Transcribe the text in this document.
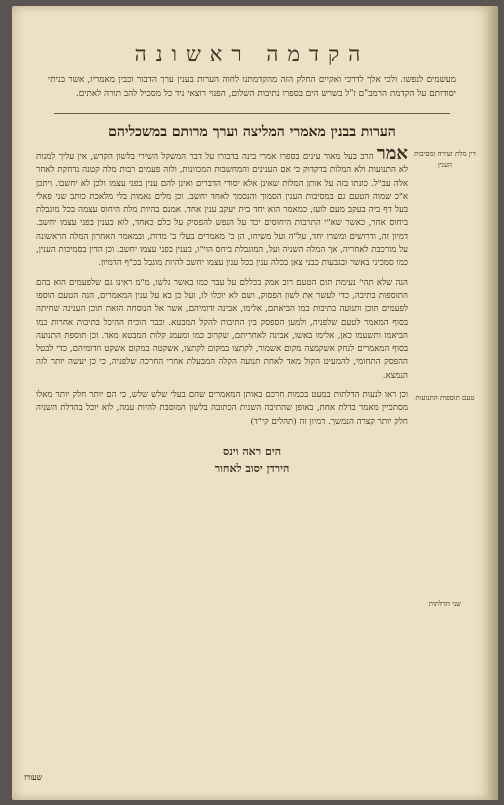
הקדמה ראשונה

מעשמים לנפשו. ולכי אלך לדרכי ואקיים החלק הזה מהקדמתנו לחוה הערות בענין ערך הדבור וכבין מאמריו, אשר בניתי יסודותם על הקדמת הרמב"ם ז"ל בשרש הים בספרו נתיבות השלום, הפנוי רוצאי ניד כל מסכיל להב תורה לאתים.

הערות בבנין מאמרי המליצה וערך מרותם במשכליהם
דין מלת זעירה ומסיבות הענין
טעם תוספות התנועות
שני הדלתות

אמר הרב בעל מאור עינים בספרו אמרי בינה בדבורו על דבר המשקל השירי בלשון הקדש, אין עליך למנות לא התנועות ולא המלות בדקדוק כי אם הענינים והמחשבות המכוונות, ולזה פעמים רבות מלה קטנה נדחקת לאחר אלה עב"ל. כונתו בזה על אותן המלות שאינן אלא יסודי הדברים ואינן להם ענין בפני עצמו ולכן לא יחשבו. ויתכן א"כ שמוה הטעם גם במסיבות הענין הסמוך והנסמך לאחד יחשב. וכן מלים נאמות בלי מלאכת כותב שני פאלי בעל דף ביה בעקב מעם לועז, כמאמר הוא יחד בית יעקב ענין אחד. אמנם בהיות מלת היחוס עצמה בכל מוגבלת ביחוס אחר, כאשר שא"י התרבות היחוסים יכד על הנפש להפסיק על כלם כאחד, לוא כענין בפני עצמו יחשב. דמיון זה, ודרושים ומשרו יחד, על"ה ועל משיחו, הן כ' מאמרים בעלי ב' מדות, ובמאמר האחרון המלה הראשונה על מורכבת לאחריה, אך המלה השניה ועל, המוגבלת ביחס הוי"ו, בענין בפני עצמו יחשב. וכן הדין בסמיכות הענין, כמו סמכיני באשר ובגבעות כבני צאן בכלה ענין בכל ענין עצמו יחשב להיות מוגבל בכ"ף הדמיון.

הנה שלא תהי' נעימת תום הטעם רוב אמק בכללם על עבר כמו באשר גלשו, מ"מ ראינו גם שלפעמים הוא בהם התוספות בתיבה, כדי לעשר את לשון הפסוק, ושם לא יוכלו לו, ועל כן בא על ענין המאמרים, הנה הטעם הוספו לפעמים תוכן ותנועה בתיבות כמו הביאתם, אלימו, אבינה ודומיהם, אשר אל הנוסחה הזאת תוכן הענינה שחיתה בסוף המאמר לטעם שלפניה, ולמען הספסק בין התיבות להקל המבטא. וכבר הוכיח ההיכל בתיבות אחרות כמו הביאמו ותשעמו כאן, אלימו באשו, אבינה לאחריתם, שקרוב כמו ומעמג קלות המבטא מאד. וכן תוספת התנועה בסוף המאמרים לנחק אשקמצה מקום אשמור, לקתצו במקום לקתצו, אשקטה במקום אשקט וזדומיהם, כדי לבטל ההפסק התחומי, להמעיט הקול מאד לאחת תנועה הקלה המבעלת אחרי החרכה שלפניה, כי כן יעשה יותר לזה הנמצא.

וכן ראו לנעות הדלתות במעט בכמות חרכם באותן המאמרים שהם בעלי שלש שלש, כי הם יותר חלק יותר מאלו מסתכיין מאמר בדלת אחת, באופן שהתיבה השנית הכתובה בלשון המוסבת להיות עמה, לוא יוכל בהדלת השניה חלק יותר קצרה הנמשך. דמיון זה (תהלים קי"ד)

הים ראה וינס
הירדן יסוב לאחור
שעורו
